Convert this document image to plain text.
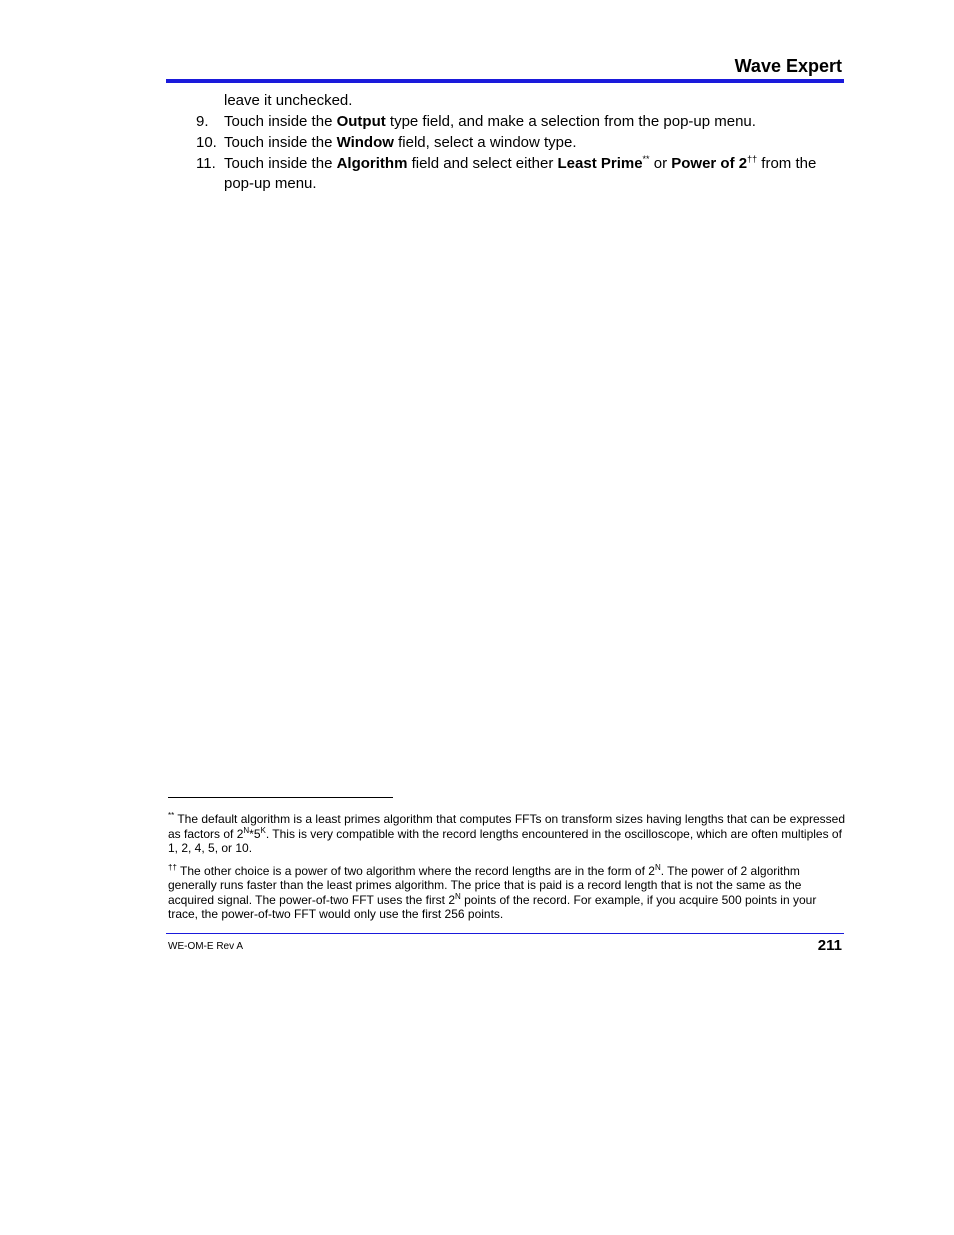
Wave Expert
leave it unchecked.
9.	Touch inside the Output type field, and make a selection from the pop-up menu.
10. Touch inside the Window field, select a window type.
11. Touch inside the Algorithm field and select either Least Prime** or Power of 2†† from the pop-up menu.
** The default algorithm is a least primes algorithm that computes FFTs on transform sizes having lengths that can be expressed as factors of $2^N*5^K$. This is very compatible with the record lengths encountered in the oscilloscope, which are often multiples of 1, 2, 4, 5, or 10.
†† The other choice is a power of two algorithm where the record lengths are in the form of $2^N$. The power of 2 algorithm generally runs faster than the least primes algorithm. The price that is paid is a record length that is not the same as the acquired signal. The power-of-two FFT uses the first $2^N$ points of the record. For example, if you acquire 500 points in your trace, the power-of-two FFT would only use the first 256 points.
WE-OM-E Rev A	211
